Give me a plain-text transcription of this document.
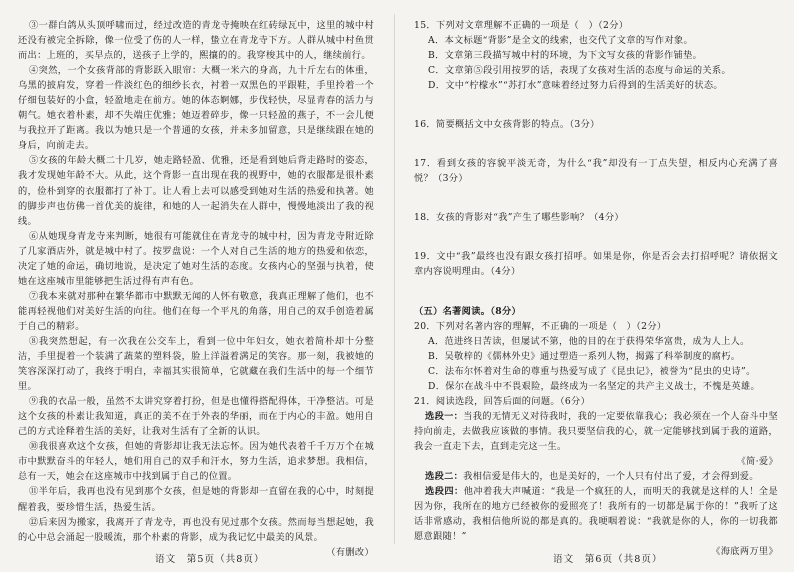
③一群白鸽从头顶呼啸而过，经过改造的青龙寺掩映在红砖绿瓦中，这里的城中村还没有被完全拆除，像一位受了伤的人一样，蛰立在青龙寺下方。人群从城中村鱼贯而出：上班的，买早点的，送孩子上学的，熙攘的的。我穿梭其中的人，继续前行。

④突然，一个女孩背部的背影跃入眼帘：大概一米六的身高，九十斤左右的体重，乌黑的披肩发，穿着一件淡红色的细纱长衣，衬着一双黑色的平跟鞋，手里拎着一个仔细包装好的小盒，轻盈地走在前方。她的体态婀娜，步伐轻快，尽显青春的活力与朝气。她衣着朴素，却不失端庄优雅；她迈着碎步，像一只轻盈的燕子，不一会儿便与我拉开了距离。我以为她只是一个普通的女孩，并未多加留意，只是继续跟在她的身后，向前走去。

⑤女孩的年龄大概二十几岁，她走路轻盈、优雅，还是看到她后背走路时的姿态，我才发现她年龄不大。从此，这个背影一直出现在我的视野中，她的衣服都是很朴素的，俭朴到穿的衣服都打了补丁。让人看上去可以感受到她对生活的热爱和执著。她的脚步声也仿佛一首优美的旋律，和她的人一起消失在人群中，慢慢地淡出了我的视线。

⑥从她现身青龙寺来判断，她很有可能就住在青龙寺的城中村，因为青龙寺附近除了几家酒店外，就是城中村了。按罗盘说：一个人对自己生活的地方的热爱和依恋，决定了她的命运，确切地说，是决定了她对生活的态度。女孩内心的坚强与执着，使她在这座城市里能够把生活过得有声有色。

⑦我本来就对那种在繁华都市中默默无闻的人怀有敬意，我真正理解了他们，也不能再轻视他们对美好生活的向往。他们在每一个平凡的角落，用自己的双手创造着属于自己的精彩。

⑧我突然想起，有一次我在公交车上，看到一位中年妇女，她衣着简朴却十分整洁，手里提着一个装满了蔬菜的塑料袋，脸上洋溢着满足的笑容。那一刻，我被她的笑容深深打动了，我终于明白，幸福其实很简单，它就藏在我们生活中的每一个细节里。

⑨我的衣品一般，虽然不太讲究穿着打扮，但是也懂得搭配得体，干净整洁。可是这个女孩的朴素让我知道，真正的美不在于外表的华丽，而在于内心的丰盈。她用自己的方式诠释着生活的美好，让我对生活有了全新的认识。

⑩我很喜欢这个女孩，但她的背影却让我无法忘怀。因为她代表着千千万万个在城市中默默奋斗的年轻人，她们用自己的双手和汗水，努力生活，追求梦想。我相信，总有一天，她会在这座城市中找到属于自己的位置。

⑪半年后，我再也没有见到那个女孩，但是她的背影却一直留在我的心中，时刻提醒着我，要珍惜生活，热爱生活。

⑫后来因为搬家，我离开了青龙寺，再也没有见过那个女孩。然而每当想起她，我的心中总会涌起一股暖流，那个朴素的背影，成为我记忆中最美的风景。
（有删改）

15．下列对文章理解不正确的一项是（　）（2分）

A．本文标题“背影”是全文的线索，也交代了文章的写作对象。

B．文章第三段描写城中村的环境，为下文写女孩的背影作铺垫。

C．文章第⑤段引用按罗的话，表现了女孩对生活的态度与命运的关系。

D．文中“柠檬水”“苏打水”意味着经过努力后得到的生活美好的状态。

16．简要概括文中女孩背影的特点。（3分）

17．看到女孩的容貌平淡无奇，为什么“我”却没有一丁点失望，相反内心充满了喜悦？（3分）

18．女孩的背影对“我”产生了哪些影响？（4分）

19．文中“我”最终也没有跟女孩打招呼。如果是你，你是否会去打招呼呢？请依据文章内容说明理由。（4分）

（五）名著阅读。（8分）

20．下列对名著内容的理解，不正确的一项是（　）（2分）

A．范进终日苦读，但屡试不第，他的目的在于获得荣华富贵，成为人上人。

B．吴敬梓的《儒林外史》通过塑造一系列人物，揭露了科举制度的腐朽。

C．法布尔怀着对生命的尊重与热爱写成了《昆虫记》，被誉为“昆虫的史诗”。

D．保尔在战斗中不畏艰险，最终成为一名坚定的共产主义战士，不愧是英雄。

21．阅读选段，回答后面的问题。（6分）

选段一：当我的无情无义对待我时，我的一定要依靠我心；我必须在一个人奋斗中坚持向前走，去做我应该做的事情。我只要坚信我的心，就一定能够找到属于我的道路，我会一直走下去，直到走完这一生。

《简·爱》

选段二：我相信爱是伟大的，也是美好的，一个人只有付出了爱，才会得到爱。

选段四：他冲着我大声喊道：“我是一个疯狂的人，而明天的我就是这样的人！全是因为你，我所在的地方已经被你的爱照亮了！我所有的一切都是属于你的！”我听了这话非常感动，我相信他所说的都是真的。我哽咽着说：“我就是你的人，你的一切我都愿意跟随！”

《海底两万里》

语文　第5页（共8页）	语文　第6页（共8页）
